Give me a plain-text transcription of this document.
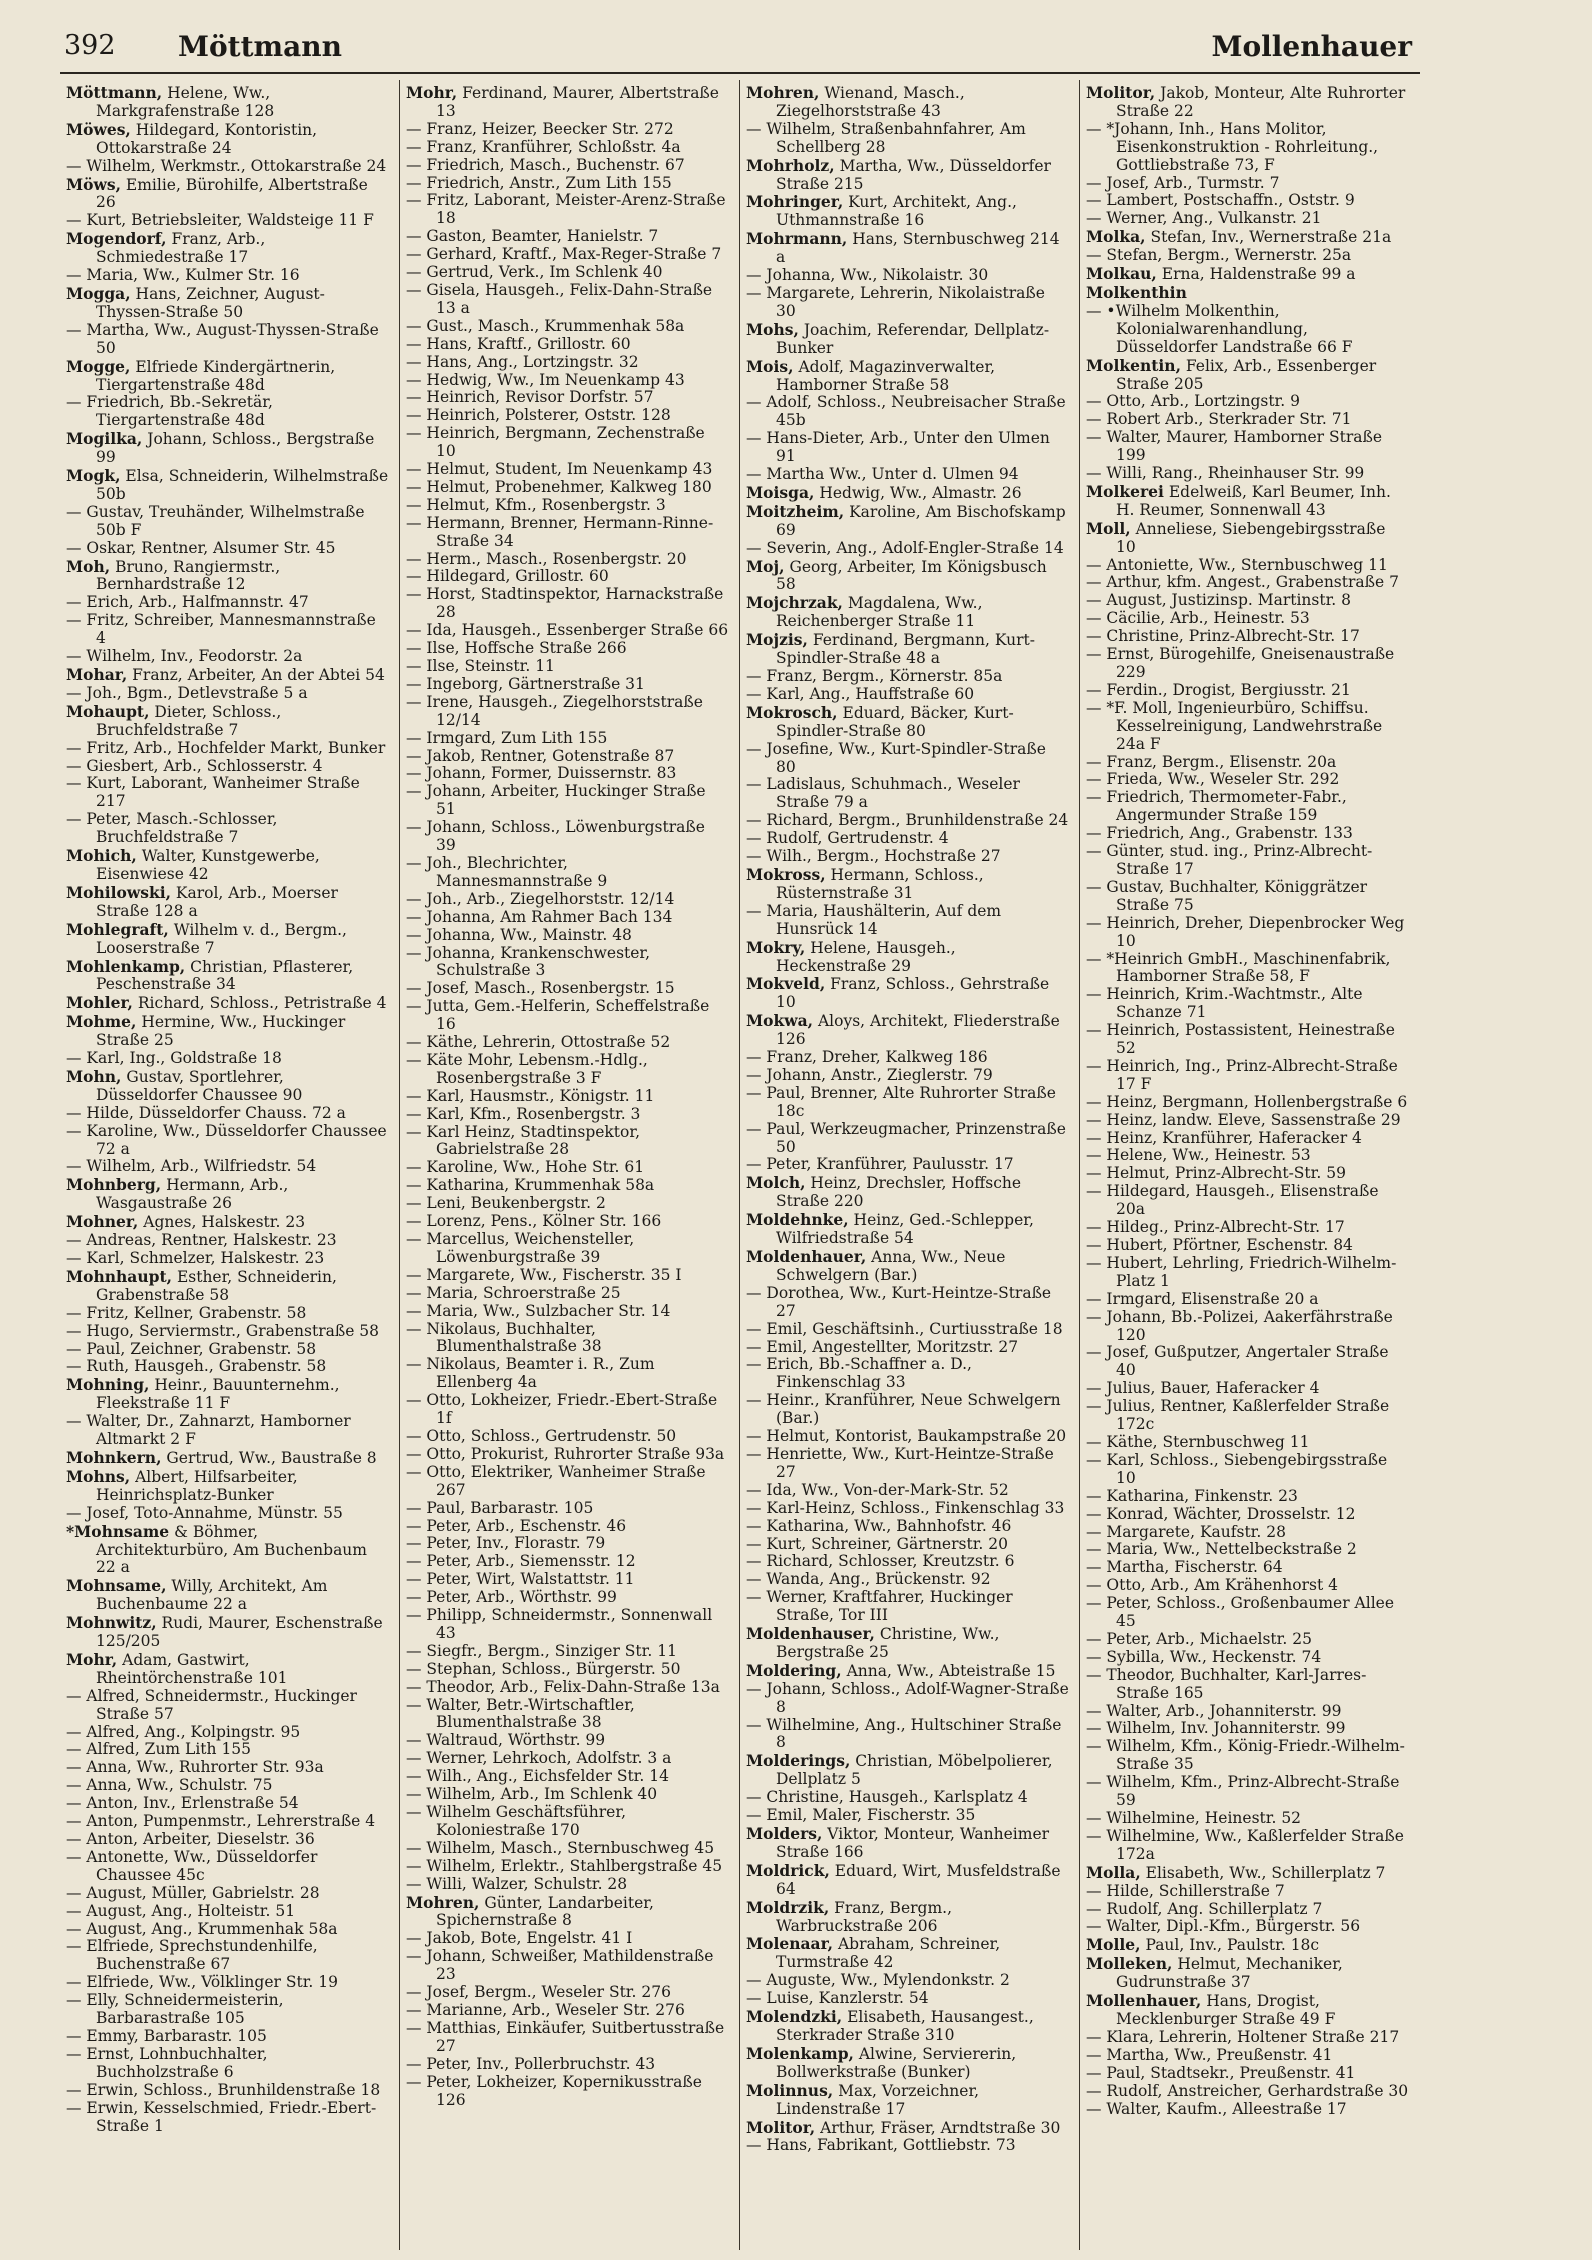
392 Möttmann	Mollenhauer
Möttmann, Helene, Ww., Markgrafenstraße 128
Möwes, Hildegard, Kontoristin, Ottokarstraße 24
— Wilhelm, Werkmstr., Ottokarstraße 24
Möws, Emilie, Bürohilfe, Albertstraße 26
— Kurt, Betriebsleiter, Waldsteige 11 F
Mogendorf, Franz, Arb., Schmiedestraße 17
— Maria, Ww., Kulmer Str. 16
Mogga, Hans, Zeichner, August-Thyssen-Straße 50
— Martha, Ww., August-Thyssen-Straße 50
Mogge, Elfriede Kindergärtnerin, Tiergartenstraße 48d
— Friedrich, Bb.-Sekretär, Tiergartenstraße 48d
Mogilka, Johann, Schloss., Bergstraße 99
Mogk, Elsa, Schneiderin, Wilhelmstraße 50b
— Gustav, Treuhänder, Wilhelmstraße 50b F
— Oskar, Rentner, Alsumer Str. 45
Moh, Bruno, Rangiermstr., Bernhardstraße 12
— Erich, Arb., Halfmannstr. 47
— Fritz, Schreiber, Mannesmannstraße 4
— Wilhelm, Inv., Feodorstr. 2a
Mohar, Franz, Arbeiter, An der Abtei 54
— Joh., Bgm., Detlevstraße 5 a
Mohaupt, Dieter, Schloss., Bruchfeldstraße 7
— Fritz, Arb., Hochfelder Markt, Bunker
— Giesbert, Arb., Schlosserstr. 4
— Kurt, Laborant, Wanheimer Straße 217
— Peter, Masch.-Schlosser, Bruchfeldstraße 7
Mohich, Walter, Kunstgewerbe, Eisenwiese 42
Mohilowski, Karol, Arb., Moerser Straße 128 a
Mohlegraft, Wilhelm v. d., Bergm., Looserstraße 7
Mohlenkamp, Christian, Pflasterer, Peschenstraße 34
Mohler, Richard, Schloss., Petristraße 4
Mohme, Hermine, Ww., Huckinger Straße 25
— Karl, Ing., Goldstraße 18
Mohn, Gustav, Sportlehrer, Düsseldorfer Chaussee 90
— Hilde, Düsseldorfer Chauss. 72 a
— Karoline, Ww., Düsseldorfer Chaussee 72 a
— Wilhelm, Arb., Wilfriedstr. 54
Mohnberg, Hermann, Arb., Wasgaustraße 26
Mohner, Agnes, Halskestr. 23
— Andreas, Rentner, Halskestr. 23
— Karl, Schmelzer, Halskestr. 23
Mohnhaupt, Esther, Schneiderin, Grabenstraße 58
— Fritz, Kellner, Grabenstr. 58
— Hugo, Serviermstr., Grabenstraße 58
— Paul, Zeichner, Grabenstr. 58
— Ruth, Hausgeh., Grabenstr. 58
Mohning, Heinr., Bauunternehm., Fleekstraße 11 F
— Walter, Dr., Zahnarzt, Hamborner Altmarkt 2 F
Mohnkern, Gertrud, Ww., Baustraße 8
Mohns, Albert, Hilfsarbeiter, Heinrichsplatz-Bunker
— Josef, Toto-Annahme, Münstr. 55
*Mohnsame & Böhmer, Architekturbüro, Am Buchenbaum 22 a
Mohnsame, Willy, Architekt, Am Buchenbaume 22 a
Mohnwitz, Rudi, Maurer, Eschenstraße 125/205
Mohr, Adam, Gastwirt, Rheintörchenstraße 101
— Alfred, Schneidermstr., Huckinger Straße 57
— Alfred, Ang., Kolpingstr. 95
— Alfred, Zum Lith 155
— Anna, Ww., Ruhrorter Str. 93a
— Anna, Ww., Schulstr. 75
— Anton, Inv., Erlenstraße 54
— Anton, Pumpenmstr., Lehrerstraße 4
— Anton, Arbeiter, Dieselstr. 36
— Antonette, Ww., Düsseldorfer Chaussee 45c
— August, Müller, Gabrielstr. 28
— August, Ang., Holteistr. 51
— August, Ang., Krummenhak 58a
— Elfriede, Sprechstundenhilfe, Buchenstraße 67
— Elfriede, Ww., Völklinger Str. 19
— Elly, Schneidermeisterin, Barbarastraße 105
— Emmy, Barbarastr. 105
— Ernst, Lohnbuchhalter, Buchholzstraße 6
— Erwin, Schloss., Brunhildenstraße 18
— Erwin, Kesselschmied, Friedr.-Ebert-Straße 1
Mohr, Ferdinand, Maurer, Albertstraße 13
— Franz, Heizer, Beecker Str. 272
— Franz, Kranführer, Schloßstr. 4a
— Friedrich, Masch., Buchenstr. 67
— Friedrich, Anstr., Zum Lith 155
— Fritz, Laborant, Meister-Arenz-Straße 18
— Gaston, Beamter, Hanielstr. 7
— Gerhard, Kraftf., Max-Reger-Straße 7
— Gertrud, Verk., Im Schlenk 40
— Gisela, Hausgeh., Felix-Dahn-Straße 13 a
— Gust., Masch., Krummenhak 58a
— Hans, Kraftf., Grillostr. 60
— Hans, Ang., Lortzingstr. 32
— Hedwig, Ww., Im Neuenkamp 43
— Heinrich, Revisor Dorfstr. 57
— Heinrich, Polsterer, Oststr. 128
— Heinrich, Bergmann, Zechenstraße 10
— Helmut, Student, Im Neuenkamp 43
— Helmut, Probenehmer, Kalkweg 180
— Helmut, Kfm., Rosenbergstr. 3
— Hermann, Brenner, Hermann-Rinne-Straße 34
— Herm., Masch., Rosenbergstr. 20
— Hildegard, Grillostr. 60
— Horst, Stadtinspektor, Harnackstraße 28
— Ida, Hausgeh., Essenberger Straße 66
— Ilse, Hoffsche Straße 266
— Ilse, Steinstr. 11
— Ingeborg, Gärtnerstraße 31
— Irene, Hausgeh., Ziegelhorststraße 12/14
— Irmgard, Zum Lith 155
— Jakob, Rentner, Gotenstraße 87
— Johann, Former, Duissernstr. 83
— Johann, Arbeiter, Huckinger Straße 51
— Johann, Schloss., Löwenburgstraße 39
— Joh., Blechrichter, Mannesmannstraße 9
— Joh., Arb., Ziegelhorststr. 12/14
— Johanna, Am Rahmer Bach 134
— Johanna, Ww., Mainstr. 48
— Johanna, Krankenschwester, Schulstraße 3
— Josef, Masch., Rosenbergstr. 15
— Jutta, Gem.-Helferin, Scheffelstraße 16
— Käthe, Lehrerin, Ottostraße 52
— Käte Mohr, Lebensm.-Hdlg., Rosenbergstraße 3 F
— Karl, Hausmstr., Königstr. 11
— Karl, Kfm., Rosenbergstr. 3
— Karl Heinz, Stadtinspektor, Gabrielstraße 28
— Karoline, Ww., Hohe Str. 61
— Katharina, Krummenhak 58a
— Leni, Beukenbergstr. 2
— Lorenz, Pens., Kölner Str. 166
— Marcellus, Weichensteller, Löwenburgstraße 39
— Margarete, Ww., Fischerstr. 35 I
— Maria, Schroerstraße 25
— Maria, Ww., Sulzbacher Str. 14
— Nikolaus, Buchhalter, Blumenthalstraße 38
— Nikolaus, Beamter i. R., Zum Ellenberg 4a
— Otto, Lokheizer, Friedr.-Ebert-Straße 1f
— Otto, Schloss., Gertrudenstr. 50
— Otto, Prokurist, Ruhrorter Straße 93a
— Otto, Elektriker, Wanheimer Straße 267
— Paul, Barbarastr. 105
— Peter, Arb., Eschenstr. 46
— Peter, Inv., Florastr. 79
— Peter, Arb., Siemensstr. 12
— Peter, Wirt, Walstattstr. 11
— Peter, Arb., Wörthstr. 99
— Philipp, Schneidermstr., Sonnenwall 43
— Siegfr., Bergm., Sinziger Str. 11
— Stephan, Schloss., Bürgerstr. 50
— Theodor, Arb., Felix-Dahn-Straße 13a
— Walter, Betr.-Wirtschaftler, Blumenthalstraße 38
— Waltraud, Wörthstr. 99
— Werner, Lehrkoch, Adolfstr. 3 a
— Wilh., Ang., Eichsfelder Str. 14
— Wilhelm, Arb., Im Schlenk 40
— Wilhelm Geschäftsführer, Koloniestraße 170
— Wilhelm, Masch., Sternbuschweg 45
— Wilhelm, Erlektr., Stahlbergstraße 45
— Willi, Walzer, Schulstr. 28
Mohren, Günter, Landarbeiter, Spichernstraße 8
— Jakob, Bote, Engelstr. 41 I
— Johann, Schweißer, Mathildenstraße 23
— Josef, Bergm., Weseler Str. 276
— Marianne, Arb., Weseler Str. 276
— Matthias, Einkäufer, Suitbertusstraße 27
— Peter, Inv., Pollerbruchstr. 43
— Peter, Lokheizer, Kopernikusstraße 126
Mohren, Wienand, Masch., Ziegelhorststraße 43
— Wilhelm, Straßenbahnfahrer, Am Schellberg 28
Mohrholz, Martha, Ww., Düsseldorfer Straße 215
Mohringer, Kurt, Architekt, Ang., Uthmannstraße 16
Mohrmann, Hans, Sternbuschweg 214 a
— Johanna, Ww., Nikolaistr. 30
— Margarete, Lehrerin, Nikolaistraße 30
Mohs, Joachim, Referendar, Dellplatz-Bunker
Mois, Adolf, Magazinverwalter, Hamborner Straße 58
— Adolf, Schloss., Neubreisacher Straße 45b
— Hans-Dieter, Arb., Unter den Ulmen 91
— Martha Ww., Unter d. Ulmen 94
Moisga, Hedwig, Ww., Almastr. 26
Moitzheim, Karoline, Am Bischofskamp 69
— Severin, Ang., Adolf-Engler-Straße 14
Moj, Georg, Arbeiter, Im Königsbusch 58
Mojchrzak, Magdalena, Ww., Reichenberger Straße 11
Mojzis, Ferdinand, Bergmann, Kurt-Spindler-Straße 48 a
— Franz, Bergm., Körnerstr. 85a
— Karl, Ang., Hauffstraße 60
Mokrosch, Eduard, Bäcker, Kurt-Spindler-Straße 80
— Josefine, Ww., Kurt-Spindler-Straße 80
— Ladislaus, Schuhmach., Weseler Straße 79 a
— Richard, Bergm., Brunhildenstraße 24
— Rudolf, Gertrudenstr. 4
— Wilh., Bergm., Hochstraße 27
Mokross, Hermann, Schloss., Rüsternstraße 31
— Maria, Haushälterin, Auf dem Hunsrück 14
Mokry, Helene, Hausgeh., Heckenstraße 29
Mokveld, Franz, Schloss., Gehrstraße 10
Mokwa, Aloys, Architekt, Fliederstraße 126
— Franz, Dreher, Kalkweg 186
— Johann, Anstr., Zieglerstr. 79
— Paul, Brenner, Alte Ruhrorter Straße 18c
— Paul, Werkzeugmacher, Prinzenstraße 50
— Peter, Kranführer, Paulusstr. 17
Molch, Heinz, Drechsler, Hoffsche Straße 220
Moldehnke, Heinz, Ged.-Schlepper, Wilfriedstraße 54
Moldenhauer, Anna, Ww., Neue Schwelgern (Bar.)
— Dorothea, Ww., Kurt-Heintze-Straße 27
— Emil, Geschäftsinh., Curtiusstraße 18
— Emil, Angestellter, Moritzstr. 27
— Erich, Bb.-Schaffner a. D., Finkenschlag 33
— Heinr., Kranführer, Neue Schwelgern (Bar.)
— Helmut, Kontorist, Baukampstraße 20
— Henriette, Ww., Kurt-Heintze-Straße 27
— Ida, Ww., Von-der-Mark-Str. 52
— Karl-Heinz, Schloss., Finkenschlag 33
— Katharina, Ww., Bahnhofstr. 46
— Kurt, Schreiner, Gärtnerstr. 20
— Richard, Schlosser, Kreutzstr. 6
— Wanda, Ang., Brückenstr. 92
— Werner, Kraftfahrer, Huckinger Straße, Tor III
Moldenhauser, Christine, Ww., Bergstraße 25
Moldering, Anna, Ww., Abteistraße 15
— Johann, Schloss., Adolf-Wagner-Straße 8
— Wilhelmine, Ang., Hultschiner Straße 8
Molderings, Christian, Möbelpolierer, Dellplatz 5
— Christine, Hausgeh., Karlsplatz 4
— Emil, Maler, Fischerstr. 35
Molders, Viktor, Monteur, Wanheimer Straße 166
Moldrick, Eduard, Wirt, Musfeldstraße 64
Moldrzik, Franz, Bergm., Warbruckstraße 206
Molenaar, Abraham, Schreiner, Turmstraße 42
— Auguste, Ww., Mylendonkstr. 2
— Luise, Kanzlerstr. 54
Molendzki, Elisabeth, Hausangest., Sterkrader Straße 310
Molenkamp, Alwine, Serviererin, Bollwerkstraße (Bunker)
Molinnus, Max, Vorzeichner, Lindenstraße 17
Molitor, Arthur, Fräser, Arndtstraße 30
— Hans, Fabrikant, Gottliebstr. 73
Molitor, Jakob, Monteur, Alte Ruhrorter Straße 22
— *Johann, Inh., Hans Molitor, Eisenkonstruktion - Rohrleitung., Gottliebstraße 73, F
— Josef, Arb., Turmstr. 7
— Lambert, Postschaffn., Oststr. 9
— Werner, Ang., Vulkanstr. 21
Molka, Stefan, Inv., Wernerstraße 21a
— Stefan, Bergm., Wernerstr. 25a
Molkau, Erna, Haldenstraße 99 a
Molkenthin
— •Wilhelm Molkenthin, Kolonialwarenhandlung, Düsseldorfer Landstraße 66 F
Molkentin, Felix, Arb., Essenberger Straße 205
— Otto, Arb., Lortzingstr. 9
— Robert Arb., Sterkrader Str. 71
— Walter, Maurer, Hamborner Straße 199
— Willi, Rang., Rheinhauser Str. 99
Molkerei Edelweiß, Karl Beumer, Inh. H. Reumer, Sonnenwall 43
Moll, Anneliese, Siebengebirgsstraße 10
— Antoniette, Ww., Sternbuschweg 11
— Arthur, kfm. Angest., Grabenstraße 7
— August, Justizinsp. Martinstr. 8
— Cäcilie, Arb., Heinestr. 53
— Christine, Prinz-Albrecht-Str. 17
— Ernst, Bürogehilfe, Gneisenaustraße 229
— Ferdin., Drogist, Bergiusstr. 21
— *F. Moll, Ingenieurbüro, Schiffsu. Kesselreinigung, Landwehrstraße 24a F
— Franz, Bergm., Elisenstr. 20a
— Frieda, Ww., Weseler Str. 292
— Friedrich, Thermometer-Fabr., Angermunder Straße 159
— Friedrich, Ang., Grabenstr. 133
— Günter, stud. ing., Prinz-Albrecht-Straße 17
— Gustav, Buchhalter, Königgrätzer Straße 75
— Heinrich, Dreher, Diepenbrocker Weg 10
— *Heinrich GmbH., Maschinenfabrik, Hamborner Straße 58, F
— Heinrich, Krim.-Wachtmstr., Alte Schanze 71
— Heinrich, Postassistent, Heinestraße 52
— Heinrich, Ing., Prinz-Albrecht-Straße 17 F
— Heinz, Bergmann, Hollenbergstraße 6
— Heinz, landw. Eleve, Sassenstraße 29
— Heinz, Kranführer, Haferacker 4
— Helene, Ww., Heinestr. 53
— Helmut, Prinz-Albrecht-Str. 59
— Hildegard, Hausgeh., Elisenstraße 20a
— Hildeg., Prinz-Albrecht-Str. 17
— Hubert, Pförtner, Eschenstr. 84
— Hubert, Lehrling, Friedrich-Wilhelm-Platz 1
— Irmgard, Elisenstraße 20 a
— Johann, Bb.-Polizei, Aakerfährstraße 120
— Josef, Gußputzer, Angertaler Straße 40
— Julius, Bauer, Haferacker 4
— Julius, Rentner, Kaßlerfelder Straße 172c
— Käthe, Sternbuschweg 11
— Karl, Schloss., Siebengebirgsstraße 10
— Katharina, Finkenstr. 23
— Konrad, Wächter, Drosselstr. 12
— Margarete, Kaufstr. 28
— Maria, Ww., Nettelbeckstraße 2
— Martha, Fischerstr. 64
— Otto, Arb., Am Krähenhorst 4
— Peter, Schloss., Großenbaumer Allee 45
— Peter, Arb., Michaelstr. 25
— Sybilla, Ww., Heckenstr. 74
— Theodor, Buchhalter, Karl-Jarres-Straße 165
— Walter, Arb., Johanniterstr. 99
— Wilhelm, Inv. Johanniterstr. 99
— Wilhelm, Kfm., König-Friedr.-Wilhelm-Straße 35
— Wilhelm, Kfm., Prinz-Albrecht-Straße 59
— Wilhelmine, Heinestr. 52
— Wilhelmine, Ww., Kaßlerfelder Straße 172a
Molla, Elisabeth, Ww., Schillerplatz 7
— Hilde, Schillerstraße 7
— Rudolf, Ang. Schillerplatz 7
— Walter, Dipl.-Kfm., Bürgerstr. 56
Molle, Paul, Inv., Paulstr. 18c
Molleken, Helmut, Mechaniker, Gudrunstraße 37
Mollenhauer, Hans, Drogist, Mecklenburger Straße 49 F
— Klara, Lehrerin, Holtener Straße 217
— Martha, Ww., Preußenstr. 41
— Paul, Stadtsekr., Preußenstr. 41
— Rudolf, Anstreicher, Gerhardstraße 30
— Walter, Kaufm., Alleestraße 17
